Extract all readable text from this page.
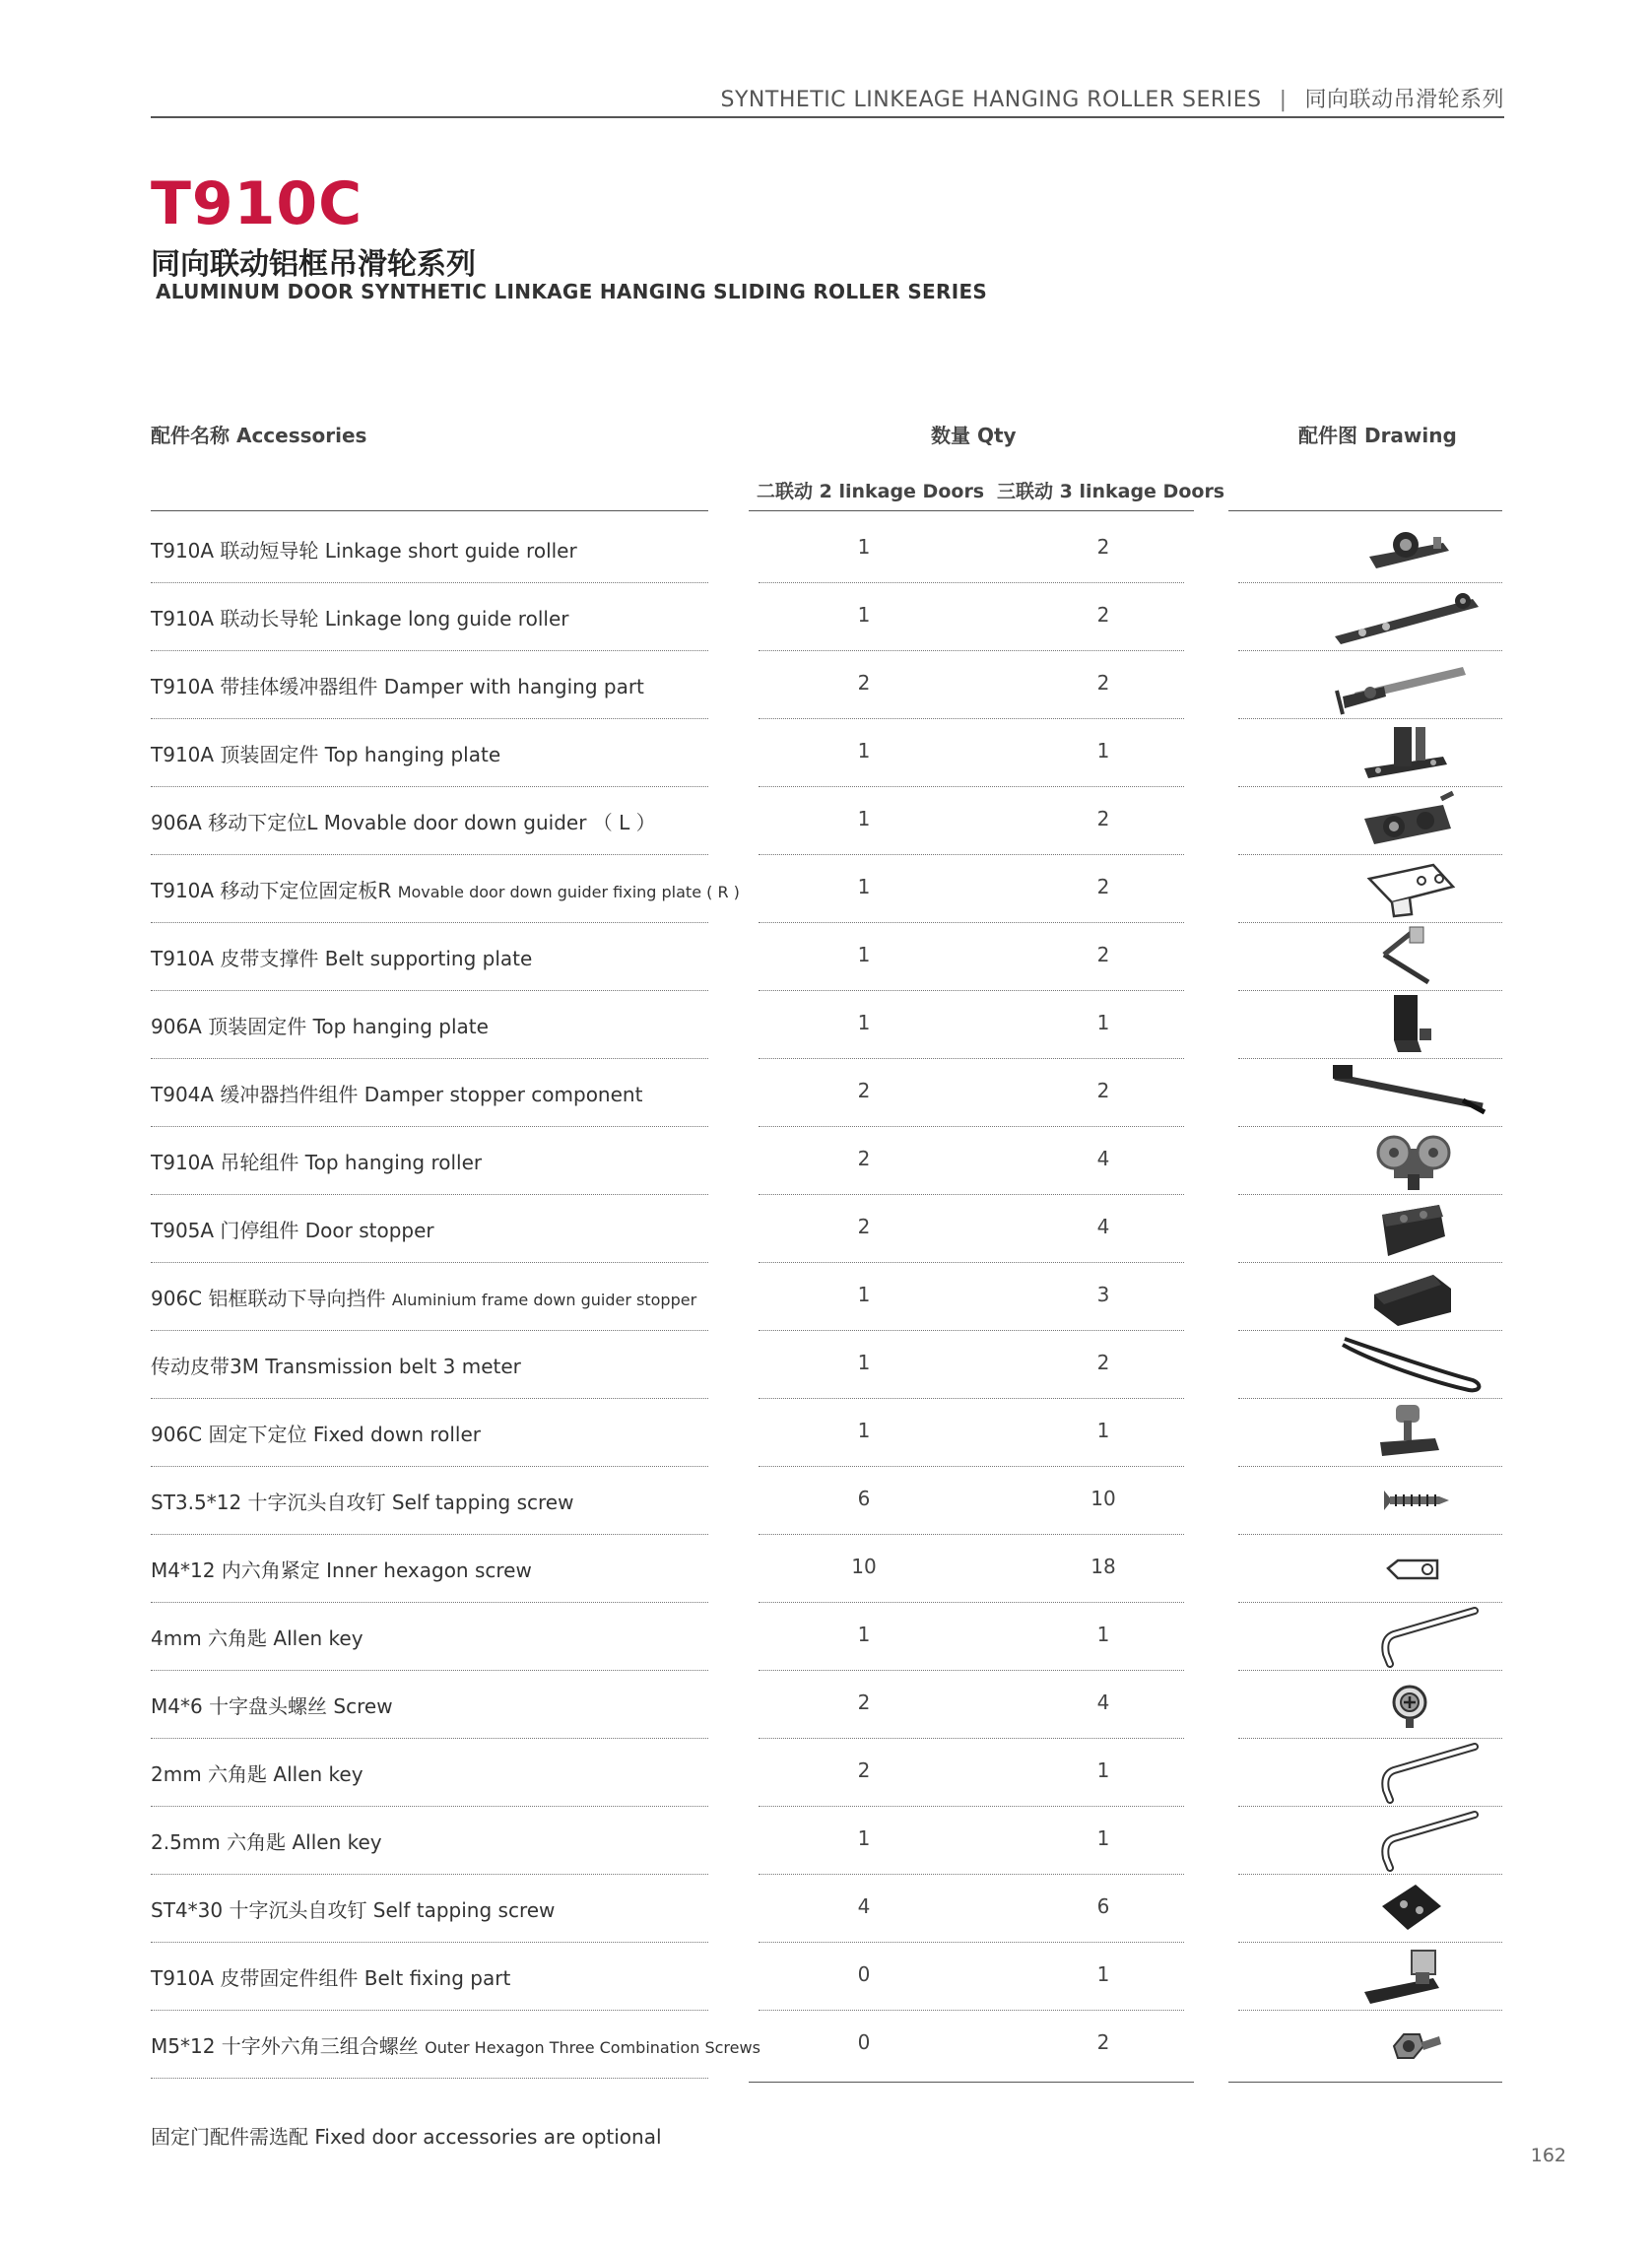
SYNTHETIC LINKEAGE HANGING ROLLER SERIES | 同向联动吊滑轮系列
T910C
同向联动铝框吊滑轮系列
ALUMINUM DOOR SYNTHETIC LINKAGE HANGING SLIDING ROLLER SERIES
配件名称 Accessories	数量 Qty	配件图 Drawing
二联动 2 linkage Doors 三联动 3 linkage Doors
T910A 联动短导轮 Linkage short guide roller	1	2
T910A 联动长导轮 Linkage long guide roller	1	2
T910A 带挂体缓冲器组件 Damper with hanging part	2	2
T910A 顶装固定件 Top hanging plate	1	1
906A 移动下定位L Movable door down guider （ L ）	1	2
T910A 移动下定位固定板R Movable door down guider fixing plate ( R )	1	2
T910A 皮带支撑件 Belt supporting plate	1	2
906A 顶装固定件 Top hanging plate	1	1
T904A 缓冲器挡件组件 Damper stopper component	2	2
T910A 吊轮组件 Top hanging roller	2	4
T905A 门停组件 Door stopper	2	4
906C 铝框联动下导向挡件 Aluminium frame down guider stopper	1	3
传动皮带3M Transmission belt 3 meter	1	2
906C 固定下定位 Fixed down roller	1	1
ST3.5*12 十字沉头自攻钉 Self tapping screw	6	10
M4*12 内六角紧定 Inner hexagon screw	10	18
4mm 六角匙 Allen key	1	1
M4*6 十字盘头螺丝 Screw	2	4
2mm 六角匙 Allen key	2	1
2.5mm 六角匙 Allen key	1	1
ST4*30 十字沉头自攻钉 Self tapping screw	4	6
T910A 皮带固定件组件 Belt fixing part	0	1
M5*12 十字外六角三组合螺丝 Outer Hexagon Three Combination Screws	0	2
固定门配件需选配 Fixed door accessories are optional
162
